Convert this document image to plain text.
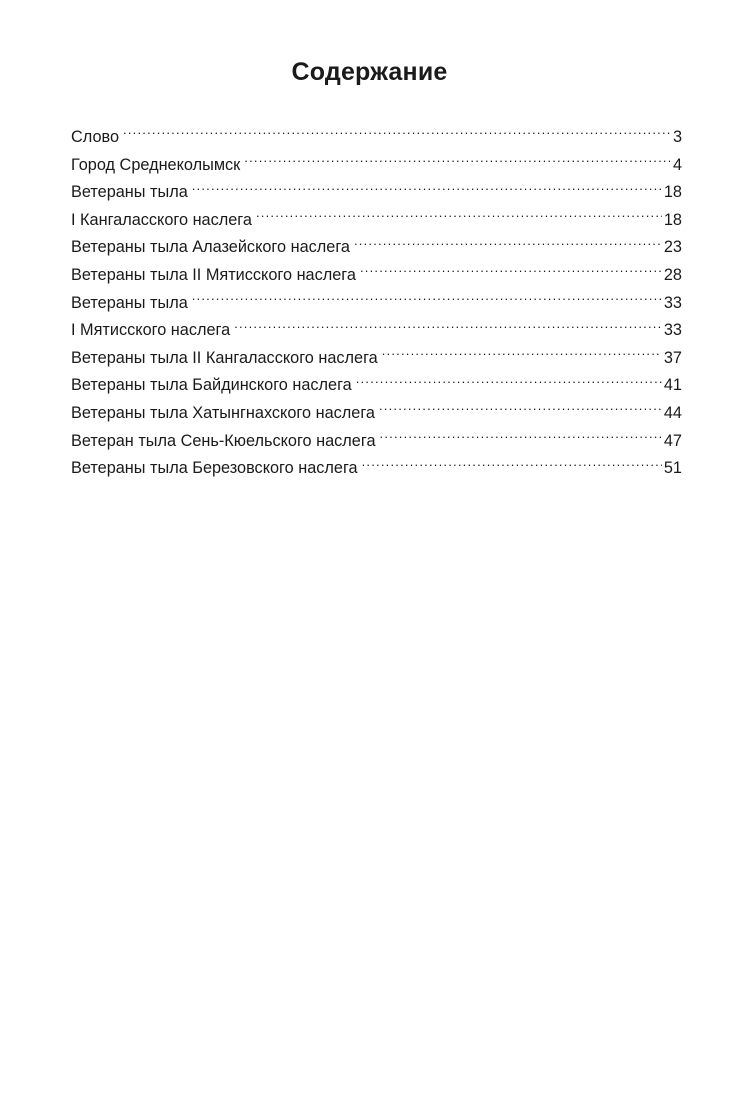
Содержание
Слово .....	3
Город Среднеколымск .....	4
Ветераны тыла .....	18
I Кангаласского наслега .....	18
Ветераны тыла Алазейского наслега .....	23
Ветераны тыла II Мятисского наслега .....	28
Ветераны тыла .....	33
I Мятисского наслега .....	33
Ветераны тыла II Кангаласского наслега .....	37
Ветераны тыла Байдинского наслега .....	41
Ветераны тыла Хатынгнахского наслега .....	44
Ветеран тыла Сень-Кюельского наслега .....	47
Ветераны тыла Березовского наслега .....	51
